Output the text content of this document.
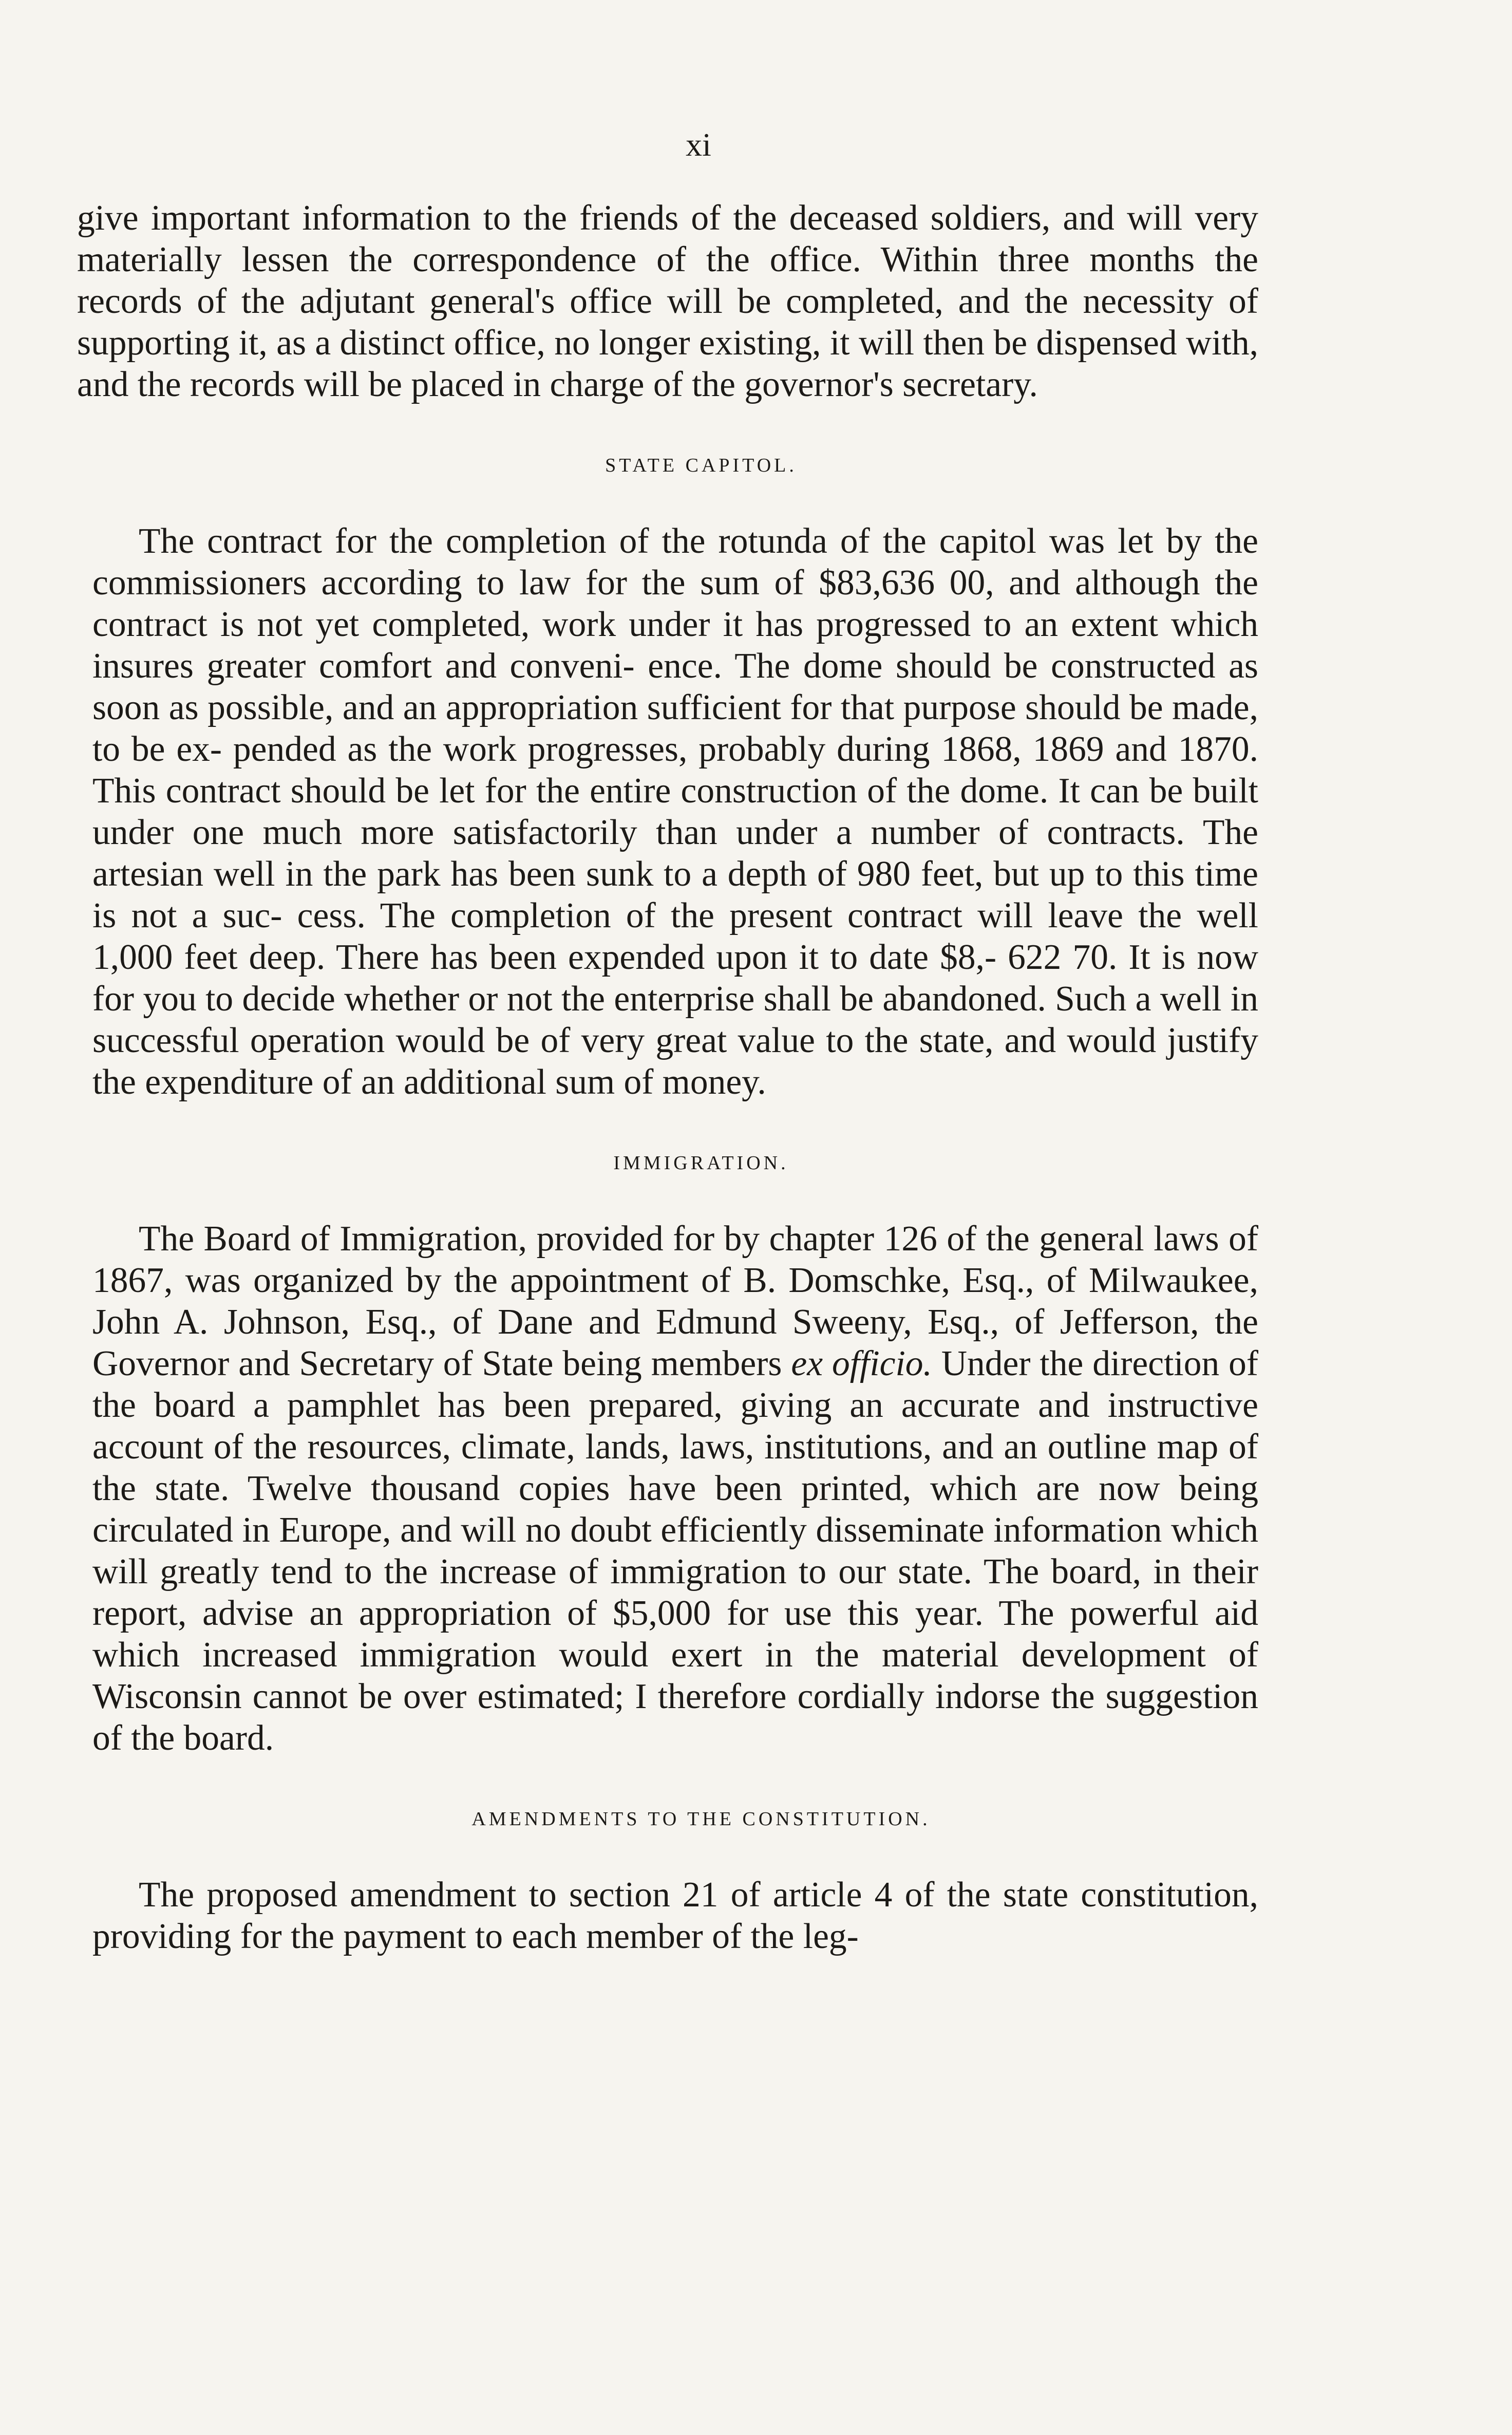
xi

give important information to the friends of the deceased soldiers, and will very materially lessen the correspondence of the office. Within three months the records of the adjutant general's office will be completed, and the necessity of supporting it, as a distinct office, no longer existing, it will then be dispensed with, and the records will be placed in charge of the governor's secretary.

STATE CAPITOL.

The contract for the completion of the rotunda of the capitol was let by the commissioners according to law for the sum of $83,636 00, and although the contract is not yet completed, work under it has progressed to an extent which insures greater comfort and conveni- ence. The dome should be constructed as soon as possible, and an appropriation sufficient for that purpose should be made, to be ex- pended as the work progresses, probably during 1868, 1869 and 1870. This contract should be let for the entire construction of the dome. It can be built under one much more satisfactorily than under a number of contracts. The artesian well in the park has been sunk to a depth of 980 feet, but up to this time is not a suc- cess. The completion of the present contract will leave the well 1,000 feet deep. There has been expended upon it to date $8,- 622 70. It is now for you to decide whether or not the enterprise shall be abandoned. Such a well in successful operation would be of very great value to the state, and would justify the expenditure of an additional sum of money.

IMMIGRATION.

The Board of Immigration, provided for by chapter 126 of the general laws of 1867, was organized by the appointment of B. Domschke, Esq., of Milwaukee, John A. Johnson, Esq., of Dane and Edmund Sweeny, Esq., of Jefferson, the Governor and Secretary of State being members ex officio. Under the direction of the board a pamphlet has been prepared, giving an accurate and instructive account of the resources, climate, lands, laws, institutions, and an outline map of the state. Twelve thousand copies have been printed, which are now being circulated in Europe, and will no doubt efficiently disseminate information which will greatly tend to the increase of immigration to our state. The board, in their report, advise an appropriation of $5,000 for use this year. The powerful aid which increased immigration would exert in the material development of Wisconsin cannot be over estimated; I therefore cordially indorse the suggestion of the board.

AMENDMENTS TO THE CONSTITUTION.

The proposed amendment to section 21 of article 4 of the state constitution, providing for the payment to each member of the leg-
